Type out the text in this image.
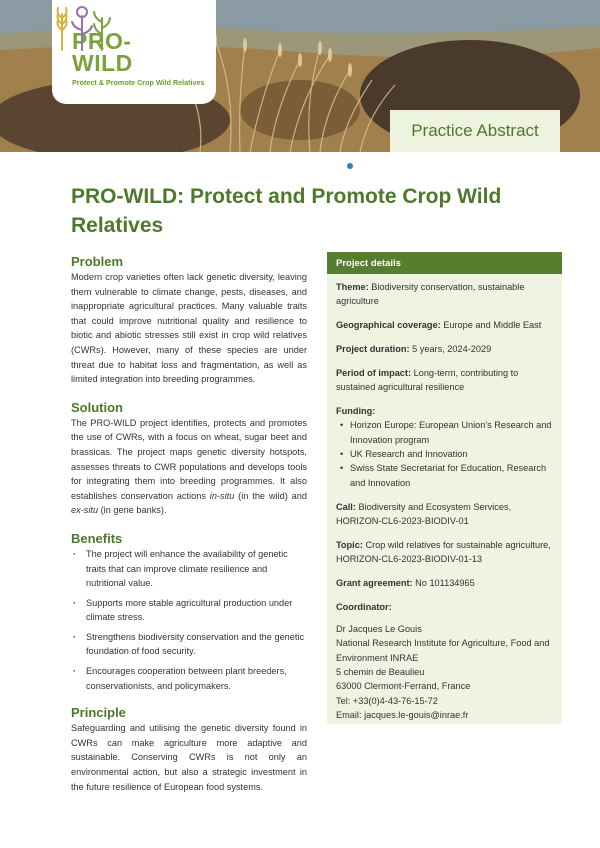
PRO-
WILD
Protect & Promote Crop Wild Relatives
Practice Abstract
PRO-WILD: Protect and Promote Crop Wild Relatives
Problem

Modern crop varieties often lack genetic diversity, leaving them vulnerable to climate change, pests, diseases, and inappropriate agricultural practices. Many valuable traits that could improve nutritional quality and resilience to biotic and abiotic stresses still exist in crop wild relatives (CWRs). However, many of these species are under threat due to habitat loss and fragmentation, as well as limited integration into breeding programmes.

Solution

The PRO-WILD project identifies, protects and promotes the use of CWRs, with a focus on wheat, sugar beet and brassicas. The project maps genetic diversity hotspots, assesses threats to CWR populations and develops tools for integrating them into breeding programmes. It also establishes conservation actions in-situ (in the wild) and ex-situ (in gene banks).

Benefits
· The project will enhance the availability of genetic traits that can improve climate resilience and nutritional value.
· Supports more stable agricultural production under climate stress.
· Strengthens biodiversity conservation and the genetic foundation of food security.
· Encourages cooperation between plant breeders, conservationists, and policymakers.
Principle

Safeguarding and utilising the genetic diversity found in CWRs can make agriculture more adaptive and sustainable. Conserving CWRs is not only an environmental action, but also a strategic investment in the future resilience of European food systems.

Project details
Theme: Biodiversity conservation, sustainable agriculture
Geographical coverage: Europe and Middle East
Project duration: 5 years, 2024-2029
Period of impact: Long-term, contributing to sustained agricultural resilience
Funding:
• Horizon Europe: European Union's Research and Innovation program
• UK Research and Innovation
• Swiss State Secretariat for Education, Research and Innovation
Call: Biodiversity and Ecosystem Services, HORIZON-CL6-2023-BIODIV-01
Topic: Crop wild relatives for sustainable agriculture, HORIZON-CL6-2023-BIODIV-01-13
Grant agreement: No 101134965
Coordinator:
Dr Jacques Le Gouis
National Research Institute for Agriculture, Food and Environment INRAE
5 chemin de Beaulieu
63000 Clermont-Ferrand, France
Tel: +33(0)4-43-76-15-72
Email: jacques.le-gouis@inrae.fr
